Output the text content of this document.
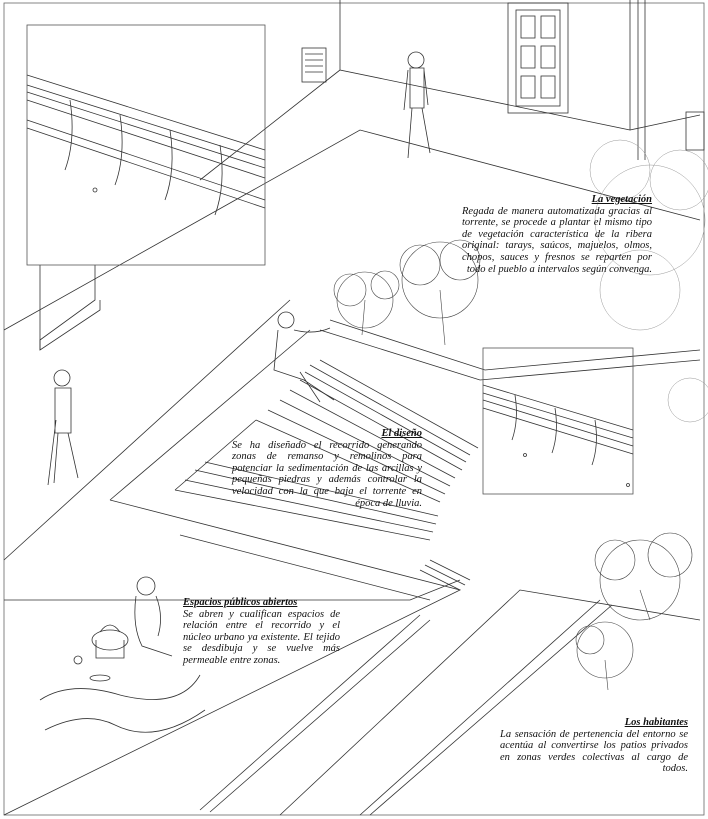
La vegetación
Regada de manera automatizada gracias al torrente, se procede a plantar el mismo tipo de vegetación característica de la ribera original: tarays, saúcos, majuelos, olmos, chopos, sauces y fresnos se reparten por todo el pueblo a intervalos según convenga.
El diseño
Se ha diseñado el recorrido generando zonas de remanso y remolinos para potenciar la sedimentación de las arcillas y pequeñas piedras y además controlar la velocidad con la que baja el torrente en época de lluvia.
Espacios públicos abiertos
Se abren y cualifican espacios de relación entre el recorrido y el núcleo urbano ya existente. El tejido se desdibuja y se vuelve más permeable entre zonas.
Los habitantes
La sensación de pertenencia del entorno se acentúa al convertirse los patios privados en zonas verdes colectivas al cargo de todos.
